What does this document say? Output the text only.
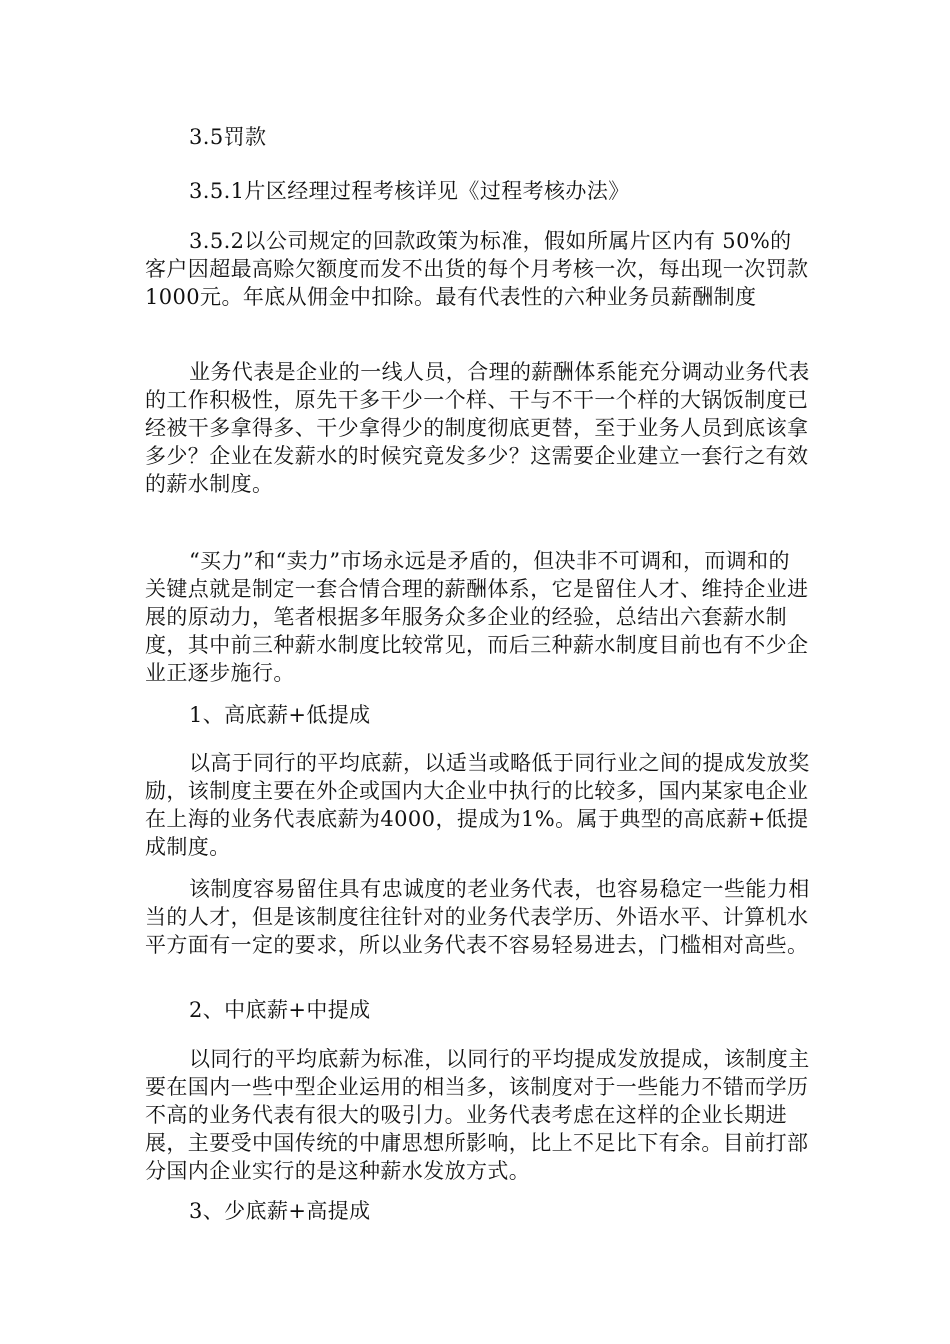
3.5罚款

3.5.1片区经理过程考核详见《过程考核办法》

3.5.2以公司规定的回款政策为标准，假如所属片区内有 50%的客户因超最高赊欠额度而发不出货的每个月考核一次，每出现一次罚款1000元。年底从佣金中扣除。最有代表性的六种业务员薪酬制度

业务代表是企业的一线人员，合理的薪酬体系能充分调动业务代表的工作积极性，原先干多干少一个样、干与不干一个样的大锅饭制度已经被干多拿得多、干少拿得少的制度彻底更替，至于业务人员到底该拿多少？企业在发薪水的时候究竟发多少？这需要企业建立一套行之有效的薪水制度。

“买力”和“卖力”市场永远是矛盾的，但决非不可调和，而调和的关键点就是制定一套合情合理的薪酬体系，它是留住人才、维持企业进展的原动力，笔者根据多年服务众多企业的经验，总结出六套薪水制度，其中前三种薪水制度比较常见，而后三种薪水制度目前也有不少企业正逐步施行。

1、高底薪+低提成

以高于同行的平均底薪，以适当或略低于同行业之间的提成发放奖励，该制度主要在外企或国内大企业中执行的比较多，国内某家电企业在上海的业务代表底薪为4000，提成为1%。属于典型的高底薪+低提成制度。

该制度容易留住具有忠诚度的老业务代表，也容易稳定一些能力相当的人才，但是该制度往往针对的业务代表学历、外语水平、计算机水平方面有一定的要求，所以业务代表不容易轻易进去，门槛相对高些。

2、中底薪+中提成

以同行的平均底薪为标准，以同行的平均提成发放提成，该制度主要在国内一些中型企业运用的相当多，该制度对于一些能力不错而学历不高的业务代表有很大的吸引力。业务代表考虑在这样的企业长期进展，主要受中国传统的中庸思想所影响，比上不足比下有余。目前打部分国内企业实行的是这种薪水发放方式。

3、少底薪+高提成
